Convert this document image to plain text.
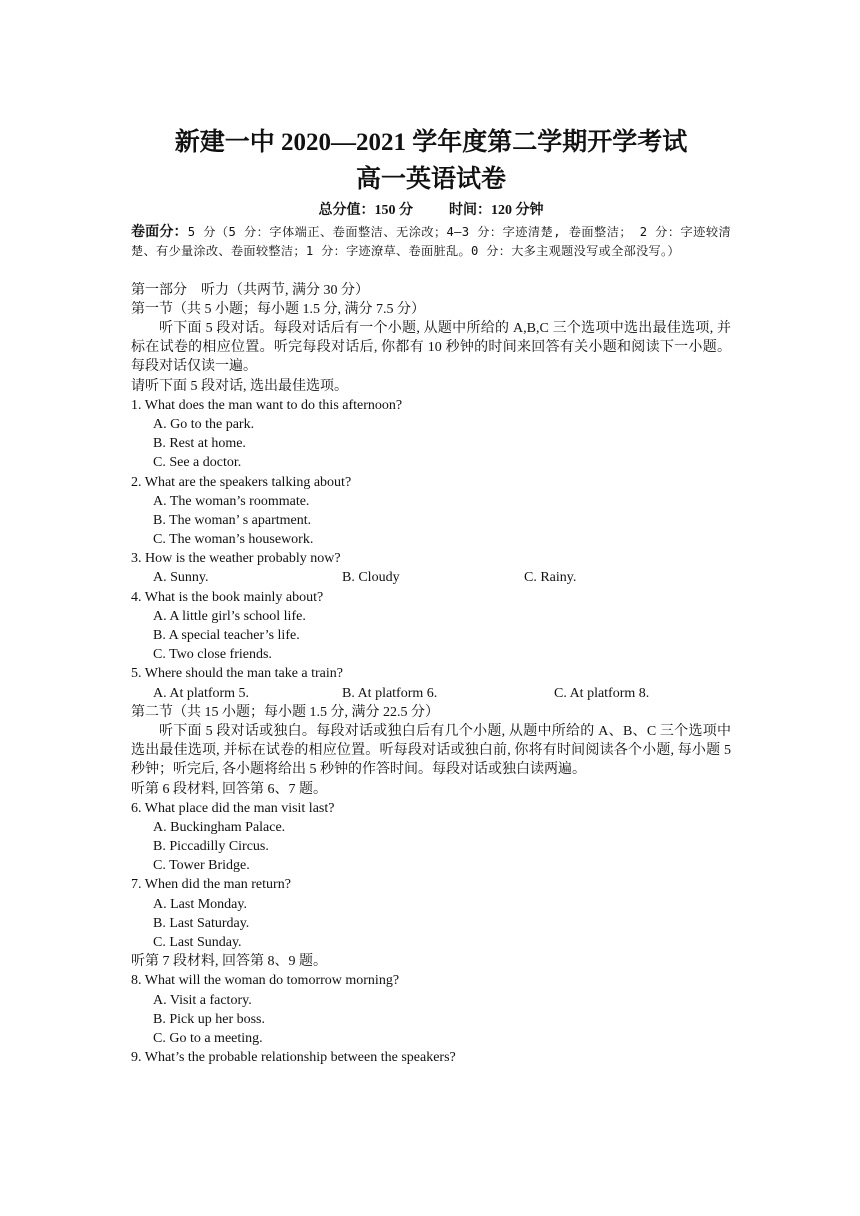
新建一中 2020—2021 学年度第二学期开学考试
高一英语试卷
总分值：150 分	时间：120 分钟
卷面分：5 分（5 分：字体端正、卷面整洁、无涂改；4—3 分：字迹清楚, 卷面整洁； 2 分：字迹较清楚、有少量涂改、卷面较整洁；1 分：字迹潦草、卷面脏乱。0 分：大多主观题没写或全部没写。）
第一部分　听力（共两节, 满分 30 分）
第一节（共 5 小题；每小题 1.5 分, 满分 7.5 分）
听下面 5 段对话。每段对话后有一个小题, 从题中所给的 A,B,C 三个选项中选出最佳选项, 并标在试卷的相应位置。听完每段对话后, 你都有 10 秒钟的时间来回答有关小题和阅读下一小题。每段对话仅读一遍。
请听下面 5 段对话, 选出最佳选项。
1. What does the man want to do this afternoon?
A. Go to the park.
B. Rest at home.
C. See a doctor.
2. What are the speakers talking about?
A. The woman’s roommate.
B. The woman’ s apartment.
C. The woman’s housework.
3. How is the weather probably now?
A. Sunny.	B. Cloudy	C. Rainy.
4. What is the book mainly about?
A. A little girl’s school life.
B. A special teacher’s life.
C. Two close friends.
5. Where should the man take a train?
A. At platform 5.	B. At platform 6.	C. At platform 8.
第二节（共 15 小题；每小题 1.5 分, 满分 22.5 分）
听下面 5 段对话或独白。每段对话或独白后有几个小题, 从题中所给的 A、B、C 三个选项中选出最佳选项, 并标在试卷的相应位置。听每段对话或独白前, 你将有时间阅读各个小题, 每小题 5 秒钟；听完后, 各小题将给出 5 秒钟的作答时间。每段对话或独白读两遍。
听第 6 段材料, 回答第 6、7 题。
6. What place did the man visit last?
A. Buckingham Palace.
B. Piccadilly Circus.
C. Tower Bridge.
7. When did the man return?
A. Last Monday.
B. Last Saturday.
C. Last Sunday.
听第 7 段材料, 回答第 8、9 题。
8. What will the woman do tomorrow morning?
A. Visit a factory.
B. Pick up her boss.
C. Go to a meeting.
9. What’s the probable relationship between the speakers?
